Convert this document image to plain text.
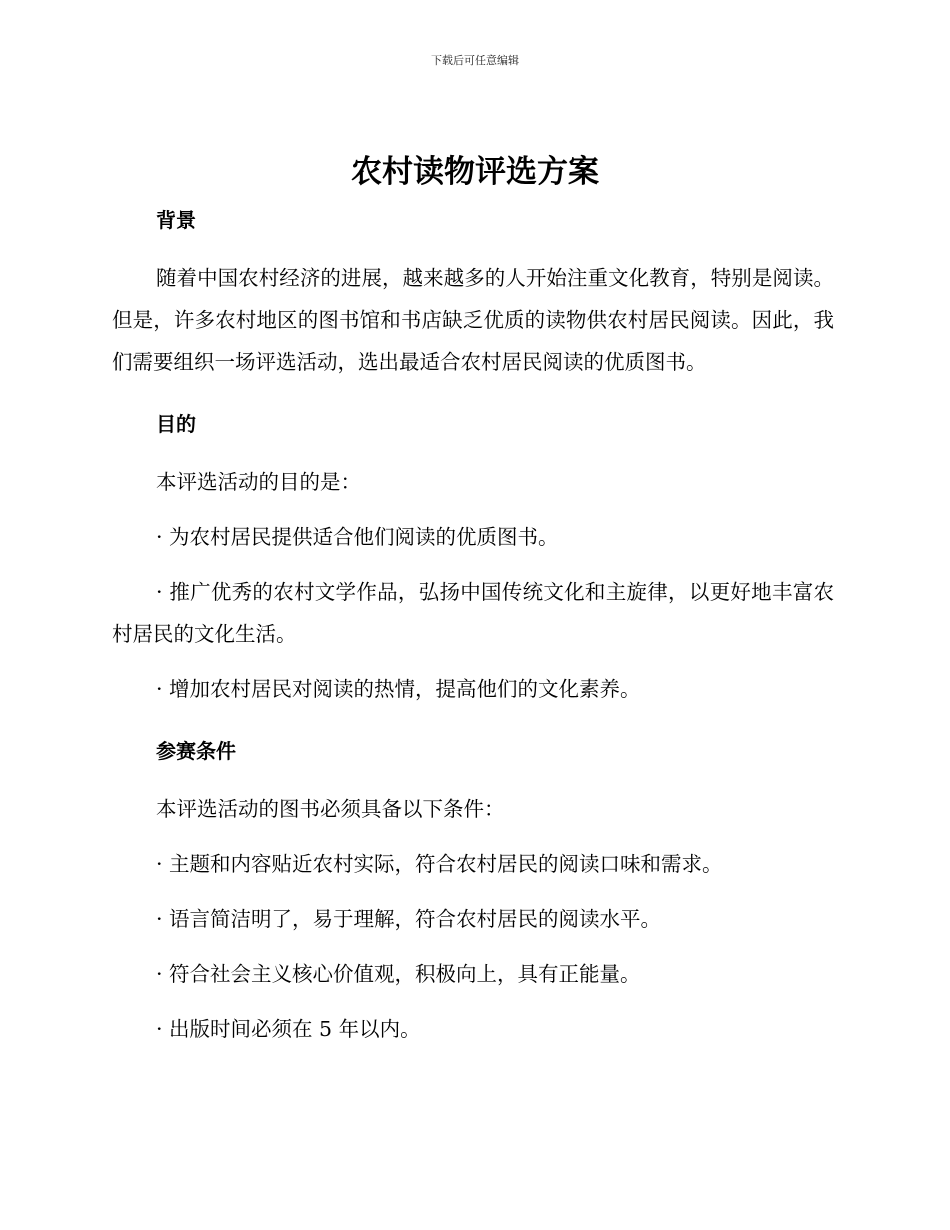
下载后可任意编辑
农村读物评选方案
背景

随着中国农村经济的进展，越来越多的人开始注重文化教育，特别是阅读。但是，许多农村地区的图书馆和书店缺乏优质的读物供农村居民阅读。因此，我们需要组织一场评选活动，选出最适合农村居民阅读的优质图书。

目的

本评选活动的目的是：

· 为农村居民提供适合他们阅读的优质图书。

· 推广优秀的农村文学作品，弘扬中国传统文化和主旋律，以更好地丰富农村居民的文化生活。

· 增加农村居民对阅读的热情，提高他们的文化素养。

参赛条件

本评选活动的图书必须具备以下条件：

· 主题和内容贴近农村实际，符合农村居民的阅读口味和需求。

· 语言简洁明了，易于理解，符合农村居民的阅读水平。

· 符合社会主义核心价值观，积极向上，具有正能量。

· 出版时间必须在 5 年以内。
